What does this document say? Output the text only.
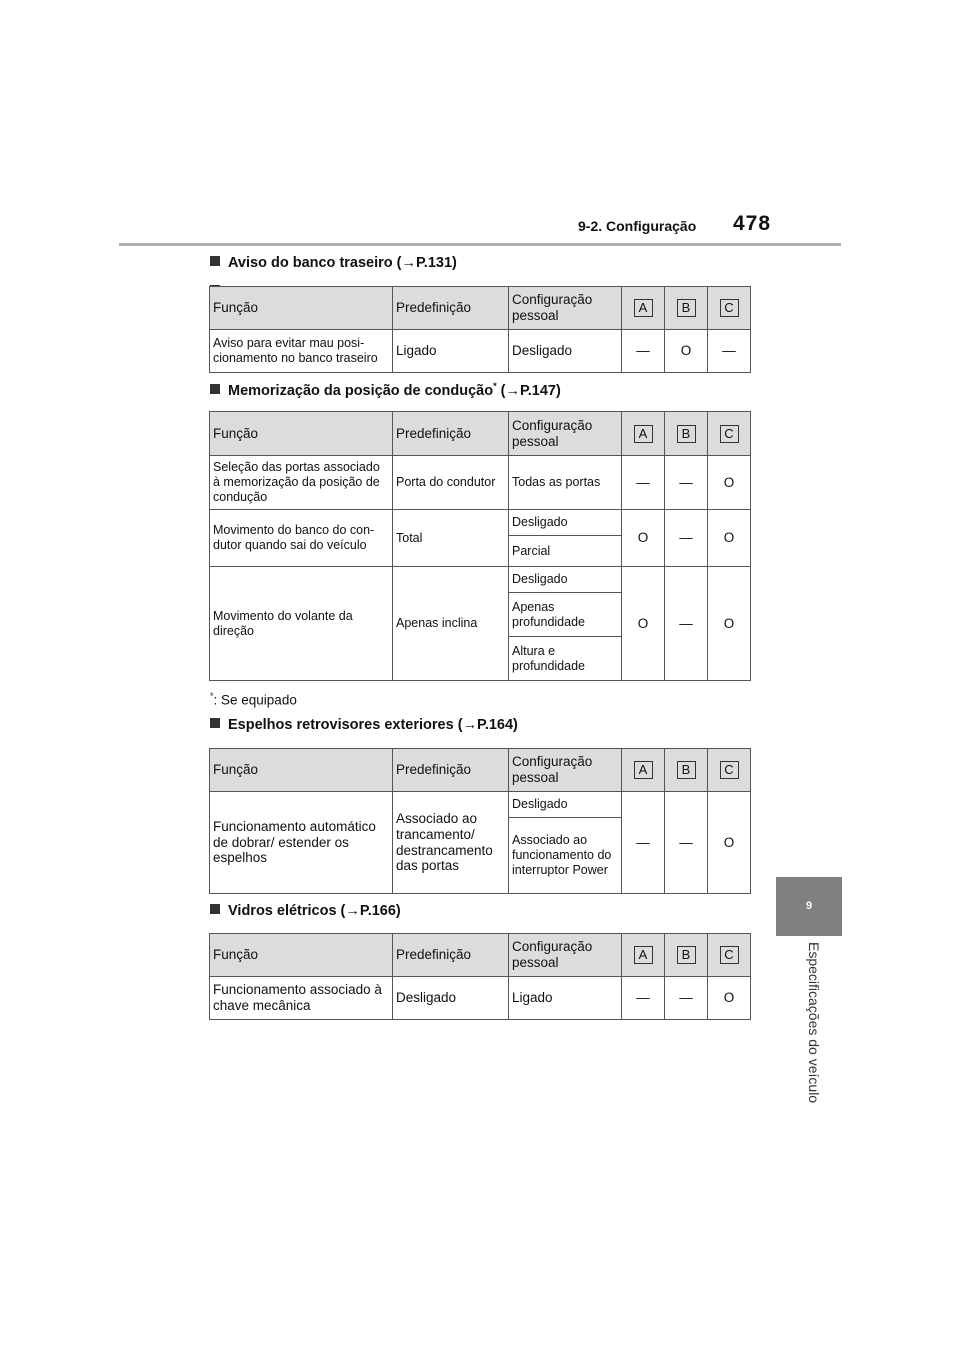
9-2. Configuração 478
9
Especificações do veículo
Aviso do banco traseiro (→P.131)
Função	Predefinição	Configuração pessoal	A	B	C
Aviso para evitar mau posi-cionamento no banco traseiro	Ligado	Desligado	—	O	—
Memorização da posição de condução* (→P.147)
Função	Predefinição	Configuração pessoal	A	B	C
Seleção das portas associado à memorização da posição de condução	Porta do condutor	Todas as portas	—	—	O
Movimento do banco do con-dutor quando sai do veículo	Total	Desligado	O	—	O
		Parcial			
Movimento do volante da direção	Apenas inclina	Desligado	O	—	O
		Apenas profundidade			
		Altura e profundidade			
*: Se equipado
Espelhos retrovisores exteriores (→P.164)
Função	Predefinição	Configuração pessoal	A	B	C
Funcionamento automático de dobrar/ estender os espelhos	Associado ao trancamento/ destrancamento das portas	Desligado	—	—	O
		Associado ao funcionamento do interruptor Power			
Vidros elétricos (→P.166)
Função	Predefinição	Configuração pessoal	A	B	C
Funcionamento associado à chave mecânica	Desligado	Ligado	—	—	O
